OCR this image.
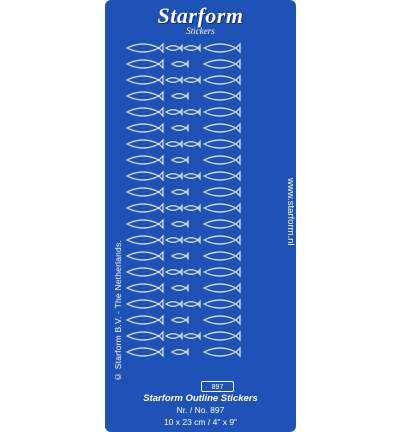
Starform
Stickers
© Starform B.V. - The Netherlands.
www.starform.nl
897
Starform Outline Stickers
Nr. / No. 897
10 x 23 cm / 4" x 9"
